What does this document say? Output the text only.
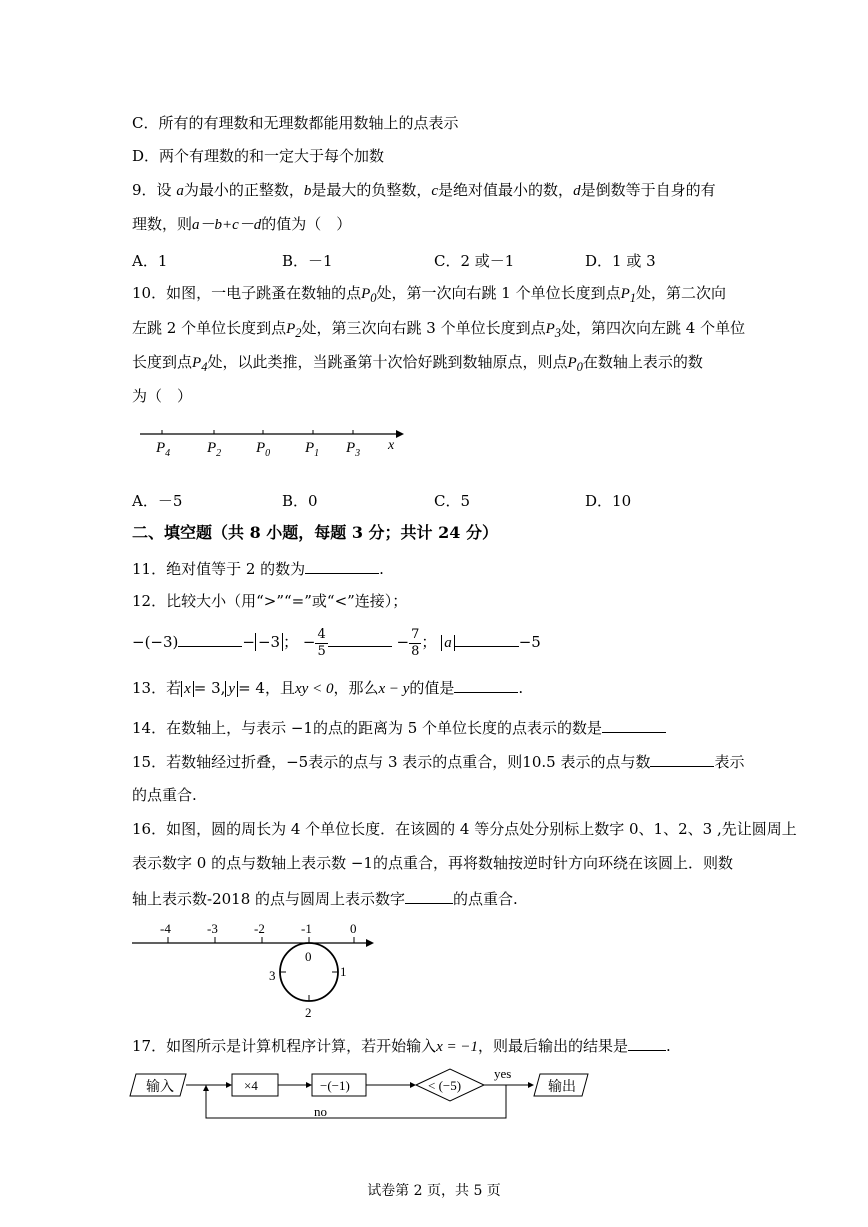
C．所有的有理数和无理数都能用数轴上的点表示
D．两个有理数的和一定大于每个加数
9．设 a为最小的正整数，b是最大的负整数，c是绝对值最小的数，d是倒数等于自身的有
理数，则a－b+c－d的值为（　）
A．1	B．－1	C．2 或－1	D．1 或 3
10．如图，一电子跳蚤在数轴的点$P_0$处，第一次向右跳 1 个单位长度到点$P_1$处，第二次向
左跳 2 个单位长度到点$P_2$处，第三次向右跳 3 个单位长度到点$P_3$处，第四次向左跳 4 个单位
长度到点$P_4$处，以此类推，当跳蚤第十次恰好跳到数轴原点，则点$P_0$在数轴上表示的数
为（　）
$P_4$ $P_2$ $P_0$ $P_1$ $P_3$
x
A．－5	B．0	C．5	D．10
二、填空题（共 8 小题，每题 3 分；共计 24 分）
11．绝对值等于 2 的数为	.
12．比较大小（用“>”“=”或“<”连接）；
−(−3)	− −3 ； − $\frac{4}{5}$	− $\frac{7}{8}$ ； a	−5
13．若 x = 3, y = 4，且xy < 0，那么x − y的值是	.
14．在数轴上，与表示 −1的点的距离为 5 个单位长度的点表示的数是
15．若数轴经过折叠，−5表示的点与 3 表示的点重合，则10.5 表示的点与数	表示
的点重合.
16．如图，圆的周长为 4 个单位长度．在该圆的 4 等分点处分别标上数字 0、1、2、3 ,先让圆周上
表示数字 0 的点与数轴上表示数 −1的点重合，再将数轴按逆时针方向环绕在该圆上．则数
轴上表示数-2018 的点与圆周上表示数字	的点重合.
-4	-3	-2	-1	0
0
1
2
3
17．如图所示是计算机程序计算，若开始输入x = −1，则最后输出的结果是	.
输入	×4	−(−1)	< (−5)
yes
输出
no
试卷第 2 页，共 5 页
